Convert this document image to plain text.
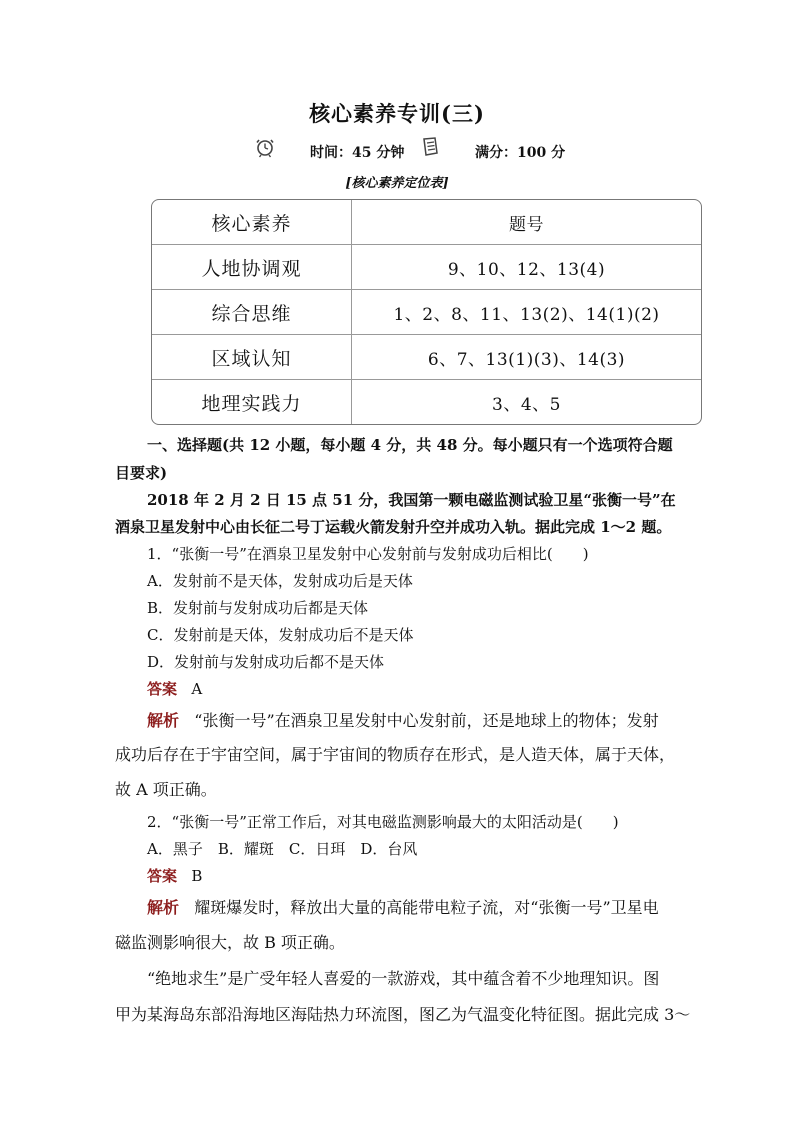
核心素养专训(三)
时间：45 分钟	满分：100 分
[核心素养定位表]
核心素养	题号
人地协调观	9、10、12、13(4)
综合思维	1、2、8、11、13(2)、14(1)(2)
区域认知	6、7、13(1)(3)、14(3)
地理实践力	3、4、5
一、选择题(共 12 小题，每小题 4 分，共 48 分。每小题只有一个选项符合题
目要求)
2018 年 2 月 2 日 15 点 51 分，我国第一颗电磁监测试验卫星“张衡一号”在
酒泉卫星发射中心由长征二号丁运载火箭发射升空并成功入轨。据此完成 1～2 题。
1．“张衡一号”在酒泉卫星发射中心发射前与发射成功后相比(　　)
A．发射前不是天体，发射成功后是天体
B．发射前与发射成功后都是天体
C．发射前是天体，发射成功后不是天体
D．发射前与发射成功后都不是天体
答案 A
解析 “张衡一号”在酒泉卫星发射中心发射前，还是地球上的物体；发射
成功后存在于宇宙空间，属于宇宙间的物质存在形式，是人造天体，属于天体，
故 A 项正确。
2．“张衡一号”正常工作后，对其电磁监测影响最大的太阳活动是(　　)
A．黑子　B．耀斑　C．日珥　D．台风
答案 B
解析 耀斑爆发时，释放出大量的高能带电粒子流，对“张衡一号”卫星电
磁监测影响很大，故 B 项正确。
“绝地求生”是广受年轻人喜爱的一款游戏，其中蕴含着不少地理知识。图
甲为某海岛东部沿海地区海陆热力环流图，图乙为气温变化特征图。据此完成 3～
